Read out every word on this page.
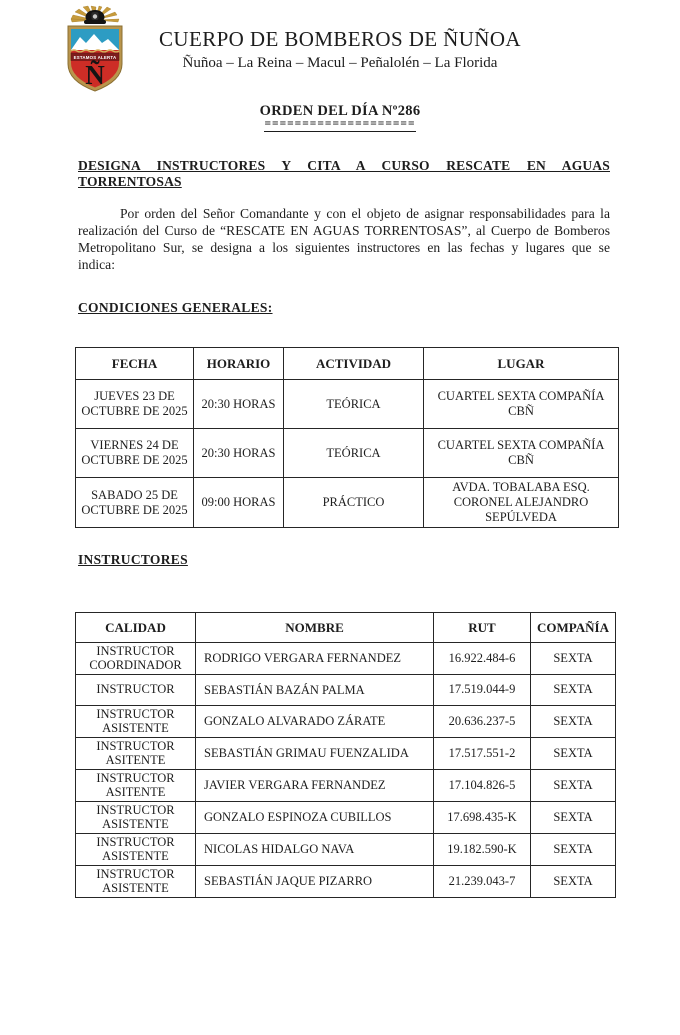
ESTAMOS ALERTA
Ñ
CUERPO DE BOMBEROS DE ÑUÑOA
Ñuñoa – La Reina – Macul – Peñalolén – La Florida
ORDEN DEL DÍA Nº286
====================
DESIGNA INSTRUCTORES Y CITA A CURSO RESCATE EN AGUAS TORRENTOSAS
Por orden del Señor Comandante y con el objeto de asignar responsabilidades para la realización del Curso de “RESCATE EN AGUAS TORRENTOSAS”, al Cuerpo de Bomberos Metropolitano Sur, se designa a los siguientes instructores en las fechas y lugares que se indica:
CONDICIONES GENERALES:
FECHA	HORARIO	ACTIVIDAD	LUGAR
JUEVES 23 DE OCTUBRE DE 2025	20:30 HORAS	TEÓRICA	CUARTEL SEXTA COMPAÑÍA CBÑ
VIERNES 24 DE OCTUBRE DE 2025	20:30 HORAS	TEÓRICA	CUARTEL SEXTA COMPAÑÍA CBÑ
SABADO 25 DE OCTUBRE DE 2025	09:00 HORAS	PRÁCTICO	AVDA. TOBALABA ESQ. CORONEL ALEJANDRO SEPÚLVEDA
INSTRUCTORES
CALIDAD	NOMBRE	RUT	COMPAÑÍA
INSTRUCTOR COORDINADOR	RODRIGO VERGARA FERNANDEZ	16.922.484-6	SEXTA
INSTRUCTOR	SEBASTIÁN BAZÁN PALMA	17.519.044-9	SEXTA
INSTRUCTOR ASISTENTE	GONZALO ALVARADO ZÁRATE	20.636.237-5	SEXTA
INSTRUCTOR ASITENTE	SEBASTIÁN GRIMAU FUENZALIDA	17.517.551-2	SEXTA
INSTRUCTOR ASITENTE	JAVIER VERGARA FERNANDEZ	17.104.826-5	SEXTA
INSTRUCTOR ASISTENTE	GONZALO ESPINOZA CUBILLOS	17.698.435-K	SEXTA
INSTRUCTOR ASISTENTE	NICOLAS HIDALGO NAVA	19.182.590-K	SEXTA
INSTRUCTOR ASISTENTE	SEBASTIÁN JAQUE PIZARRO	21.239.043-7	SEXTA
